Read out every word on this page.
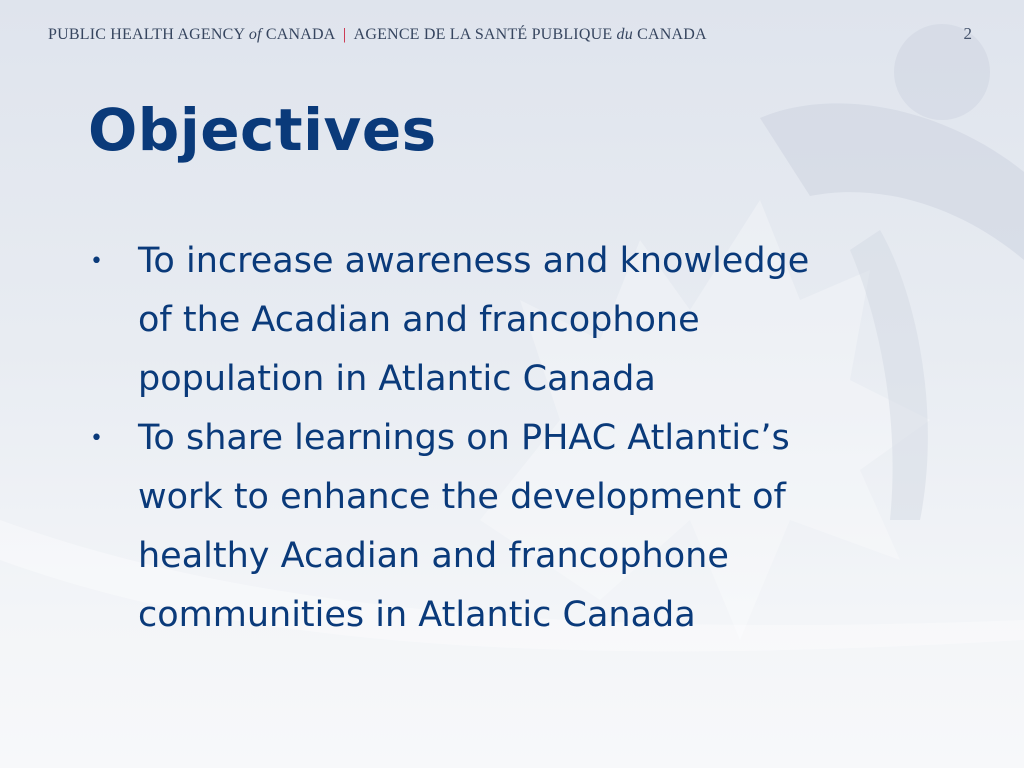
PUBLIC HEALTH AGENCY of CANADA | AGENCE DE LA SANTÉ PUBLIQUE du CANADA	2
Objectives
•	To increase awareness and knowledge
of the Acadian and francophone
population in Atlantic Canada
•	To share learnings on PHAC Atlantic’s
work to enhance the development of
healthy Acadian and francophone
communities in Atlantic Canada
